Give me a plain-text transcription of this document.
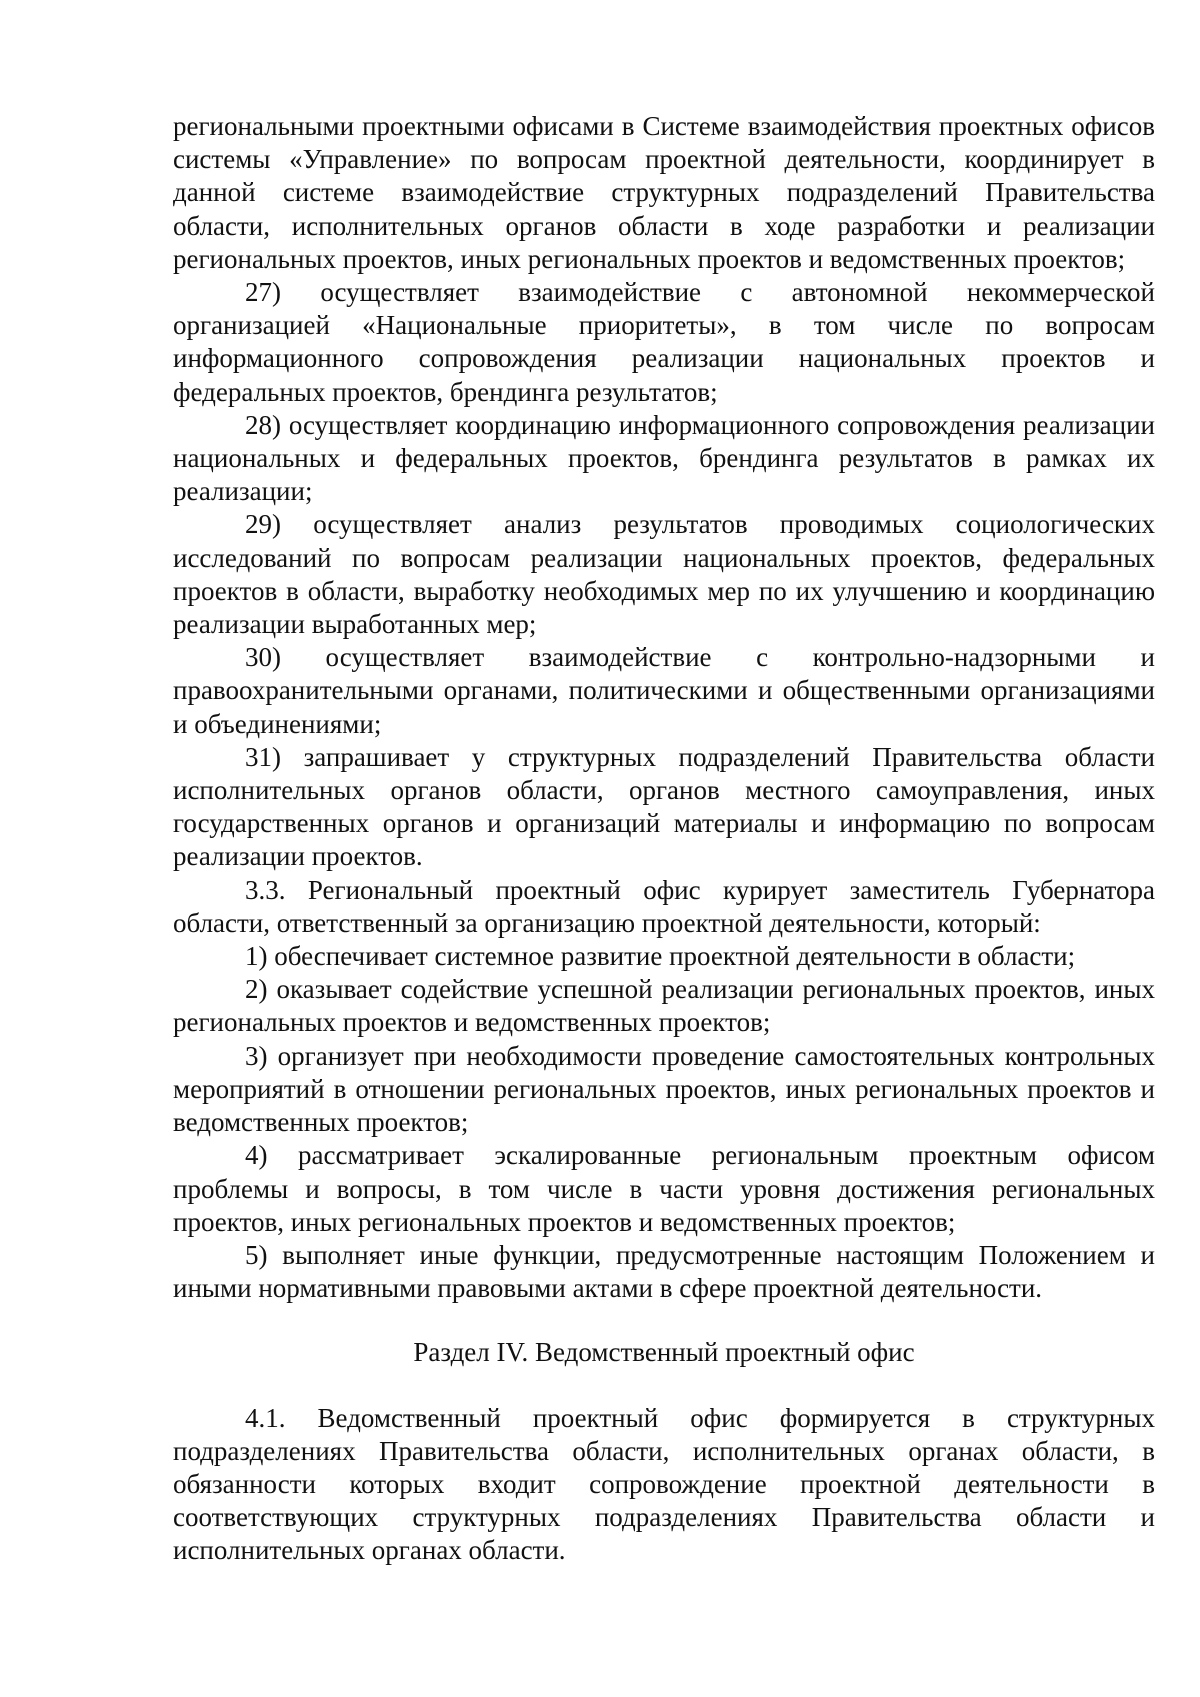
региональными проектными офисами в Системе взаимодействия проектных офисов системы «Управление» по вопросам проектной деятельности, координирует в данной системе взаимодействие структурных подразделений Правительства области, исполнительных органов области в ходе разработки и реализации региональных проектов, иных региональных проектов и ведомственных проектов;

27) осуществляет взаимодействие с автономной некоммерческой организацией «Национальные приоритеты», в том числе по вопросам информационного сопровождения реализации национальных проектов и федеральных проектов, брендинга результатов;

28) осуществляет координацию информационного сопровождения реализации национальных и федеральных проектов, брендинга результатов в рамках их реализации;

29) осуществляет анализ результатов проводимых социологических исследований по вопросам реализации национальных проектов, федеральных проектов в области, выработку необходимых мер по их улучшению и координацию реализации выработанных мер;

30) осуществляет взаимодействие с контрольно-надзорными и правоохранительными органами, политическими и общественными организациями и объединениями;

31) запрашивает у структурных подразделений Правительства области исполнительных органов области, органов местного самоуправления, иных государственных органов и организаций материалы и информацию по вопросам реализации проектов.

3.3. Региональный проектный офис курирует заместитель Губернатора области, ответственный за организацию проектной деятельности, который:

1) обеспечивает системное развитие проектной деятельности в области;

2) оказывает содействие успешной реализации региональных проектов, иных региональных проектов и ведомственных проектов;

3) организует при необходимости проведение самостоятельных контрольных мероприятий в отношении региональных проектов, иных региональных проектов и ведомственных проектов;

4) рассматривает эскалированные региональным проектным офисом проблемы и вопросы, в том числе в части уровня достижения региональных проектов, иных региональных проектов и ведомственных проектов;

5) выполняет иные функции, предусмотренные настоящим Положением и иными нормативными правовыми актами в сфере проектной деятельности.

Раздел IV. Ведомственный проектный офис

4.1. Ведомственный проектный офис формируется в структурных подразделениях Правительства области, исполнительных органах области, в обязанности которых входит сопровождение проектной деятельности в соответствующих структурных подразделениях Правительства области и исполнительных органах области.
